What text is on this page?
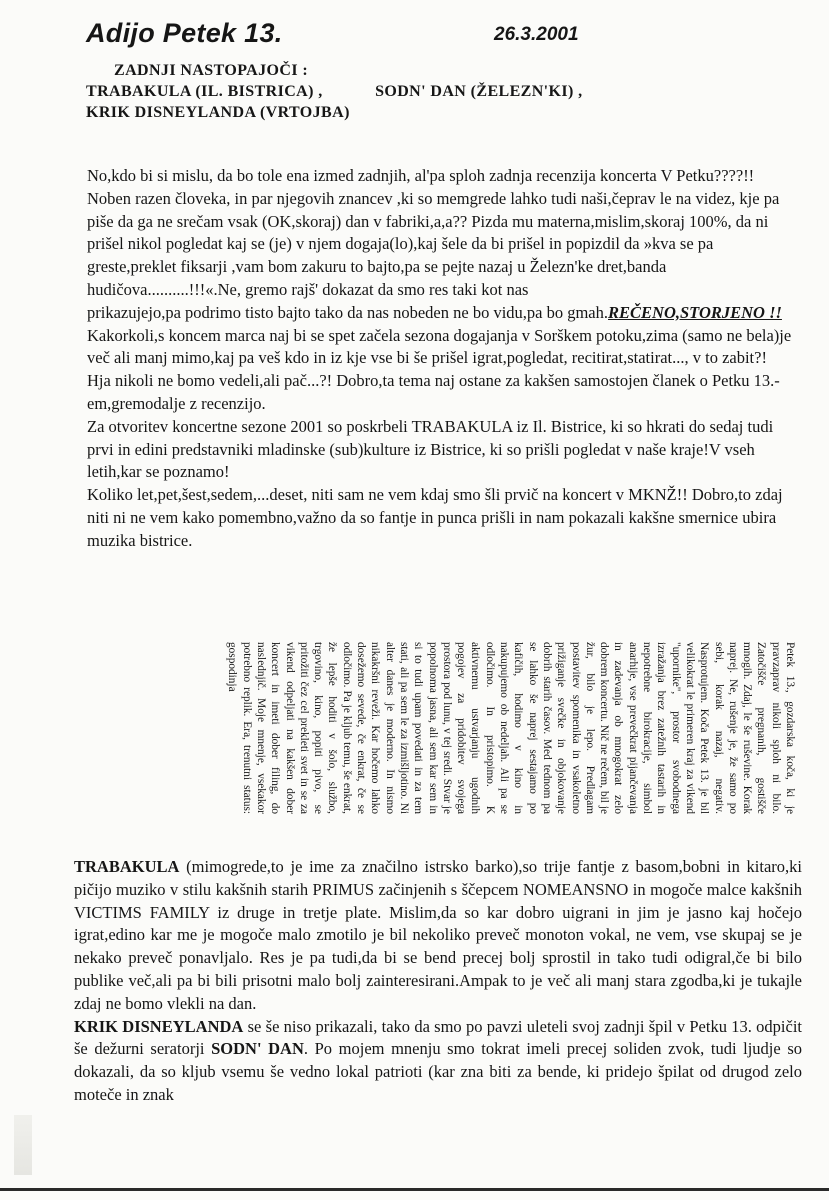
Adijo Petek 13.	26.3.2001
ZADNJI NASTOPAJOČI :
TRABAKULA (IL. BISTRICA) ,	SODN' DAN (ŽELEZN'KI) ,
KRIK DISNEYLANDA (VRTOJBA)

No,kdo bi si mislu, da bo tole ena izmed zadnjih, al'pa sploh zadnja recenzija koncerta V Petku????!!

Noben razen človeka, in par njegovih znancev ,ki so memgrede lahko tudi naši,čeprav le na videz, kje pa piše da ga ne srečam vsak (OK,skoraj) dan v fabriki,a,a?? Pizda mu materna,mislim,skoraj 100%, da ni prišel nikol pogledat kaj se (je) v njem dogaja(lo),kaj šele da bi prišel in popizdil da »kva se pa greste,preklet fiksarji ,vam bom zakuru to bajto,pa se pejte nazaj u Železn'ke dret,banda hudičova..........!!!«.Ne, gremo rajš' dokazat da smo res taki kot nas

prikazujejo,pa podrimo tisto bajto tako da nas nobeden ne bo vidu,pa bo gmah.REČENO,STORJENO !!

Kakorkoli,s koncem marca naj bi se spet začela sezona dogajanja v Sorškem potoku,zima (samo ne bela)je več ali manj mimo,kaj pa veš kdo in iz kje vse bi še prišel igrat,pogledat, recitirat,statirat..., v to zabit?!

Hja nikoli ne bomo vedeli,ali pač...?! Dobro,ta tema naj ostane za kakšen samostojen članek o Petku 13.-em,gremodalje z recenzijo.

Za otvoritev koncertne sezone 2001 so poskrbeli TRABAKULA iz Il. Bistrice, ki so hkrati do sedaj tudi prvi in edini predstavniki mladinske (sub)kulture iz Bistrice, ki so prišli pogledat v naše kraje!V vseh letih,kar se poznamo!

Koliko let,pet,šest,sedem,...deset, niti sam ne vem kdaj smo šli prvič na koncert v MKNŽ!! Dobro,to zdaj niti ni ne vem kako pomembno,važno da so fantje in punca prišli in nam pokazali kakšne smernice ubira muzika bistrice.

Petek 13., gozdarska koča, ki je pravzaprav nikoli sploh ni bilo. Zatočišče pregnanih, gostišče mnogih. Zdaj, le še ruševine. Korak naprej. Ne, rušenje je, že samo po sebi, korak nazaj, negativ. Nasprotujem. Koča Petek 13. je bil velikokrat le primeren kraj za vikend "upornike", prostor svobodnega izražanja brez zatežnih tastarih in nepotrebne birokracije, simbol anarhije, vse prevečkrat pijančevanja in zadevanja ob mnogokrat zelo dobrem koncertu. Nič ne rečem, bil je žur, bilo je lepo. Predlagam postavitev spomenika in vsakoletno prižiganje svečke in objokovanje dobrih starih časov. Med tednom pa se lahko še naprej sestajamo po kafičih, hodimo v kino in nakupujemo ob nedeljah. Ali pa se odločimo. In pristopimo. K aktivnemu ustvarjanju ugodnih pogojev za pridobitev svojega prostora pod lunu, v tej sredi. Stvar je popolnoma jasna, ali sem kar sem in si to tudi upam povedati in za tem stati, ali pa sem le za izmišljotino. Ni alter danes je moderno. In nismo nikakršni reveži. Kar hočemo lahko dosežemo sevede, če enkrat, če se odločimo. Pa je kljub temu, še enkrat, že lepše hoditi v šolo, službo, trgovino, kino, popiti pivo, se pritožiti čez cel prekleti svet in se za vikend odpeljati na kakšen dober koncert in imeti dober filing, do naslednjič. Moje mnenje, vsekakor potrebno replik. Era, trenutni status: gospodinja

TRABAKULA (mimogrede,to je ime za značilno istrsko barko),so trije fantje z basom,bobni in kitaro,ki pičijo muziko v stilu kakšnih starih PRIMUS začinjenih s ščepcem NOMEANSNO in mogoče malce kakšnih VICTIMS FAMILY iz druge in tretje plate. Mislim,da so kar dobro uigrani in jim je jasno kaj hočejo igrat,edino kar me je mogoče malo zmotilo je bil nekoliko preveč monoton vokal, ne vem, vse skupaj se je nekako preveč ponavljalo. Res je pa tudi,da bi se bend precej bolj sprostil in tako tudi odigral,če bi bilo publike več,ali pa bi bili prisotni malo bolj zainteresirani.Ampak to je več ali manj stara zgodba,ki je tukajle zdaj ne bomo vlekli na dan.

KRIK DISNEYLANDA se še niso prikazali, tako da smo po pavzi uleteli svoj zadnji špil v Petku 13. odpičit še dežurni seratorji SODN' DAN. Po mojem mnenju smo tokrat imeli precej soliden zvok, tudi ljudje so dokazali, da so kljub vsemu še vedno lokal patrioti (kar zna biti za bende, ki pridejo špilat od drugod zelo moteče in znak
